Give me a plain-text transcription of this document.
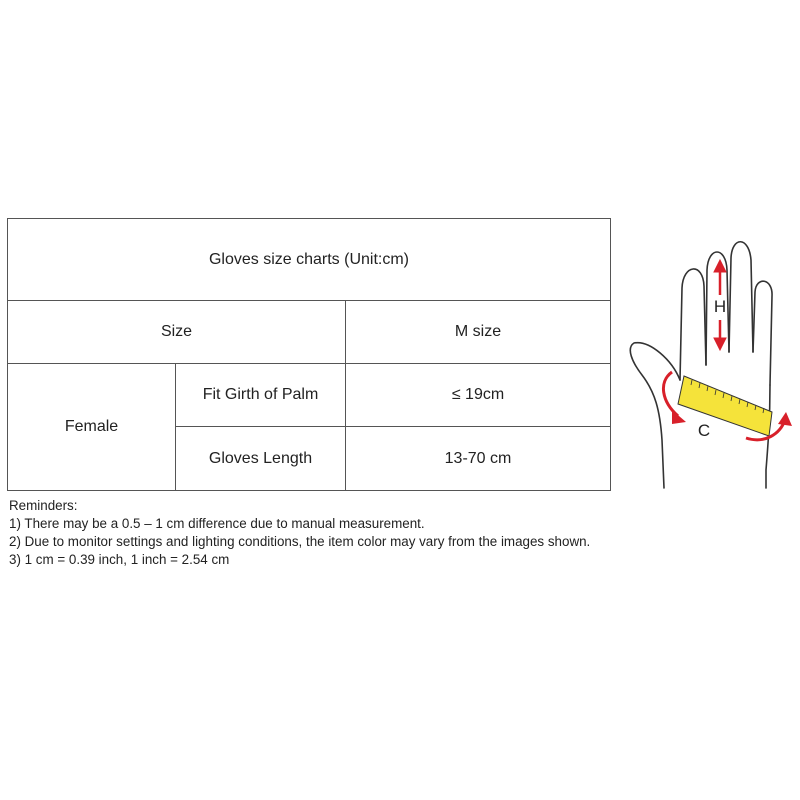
Gloves size charts (Unit:cm)		
Size		M size
Female	Fit Girth of Palm	≤ 19cm
	Gloves Length	13-70 cm
Reminders:
1) There may be a 0.5 – 1 cm difference due to manual measurement.
2) Due to monitor settings and lighting conditions, the item color may vary from the images shown.
3) 1 cm = 0.39 inch, 1 inch = 2.54 cm
H
C
